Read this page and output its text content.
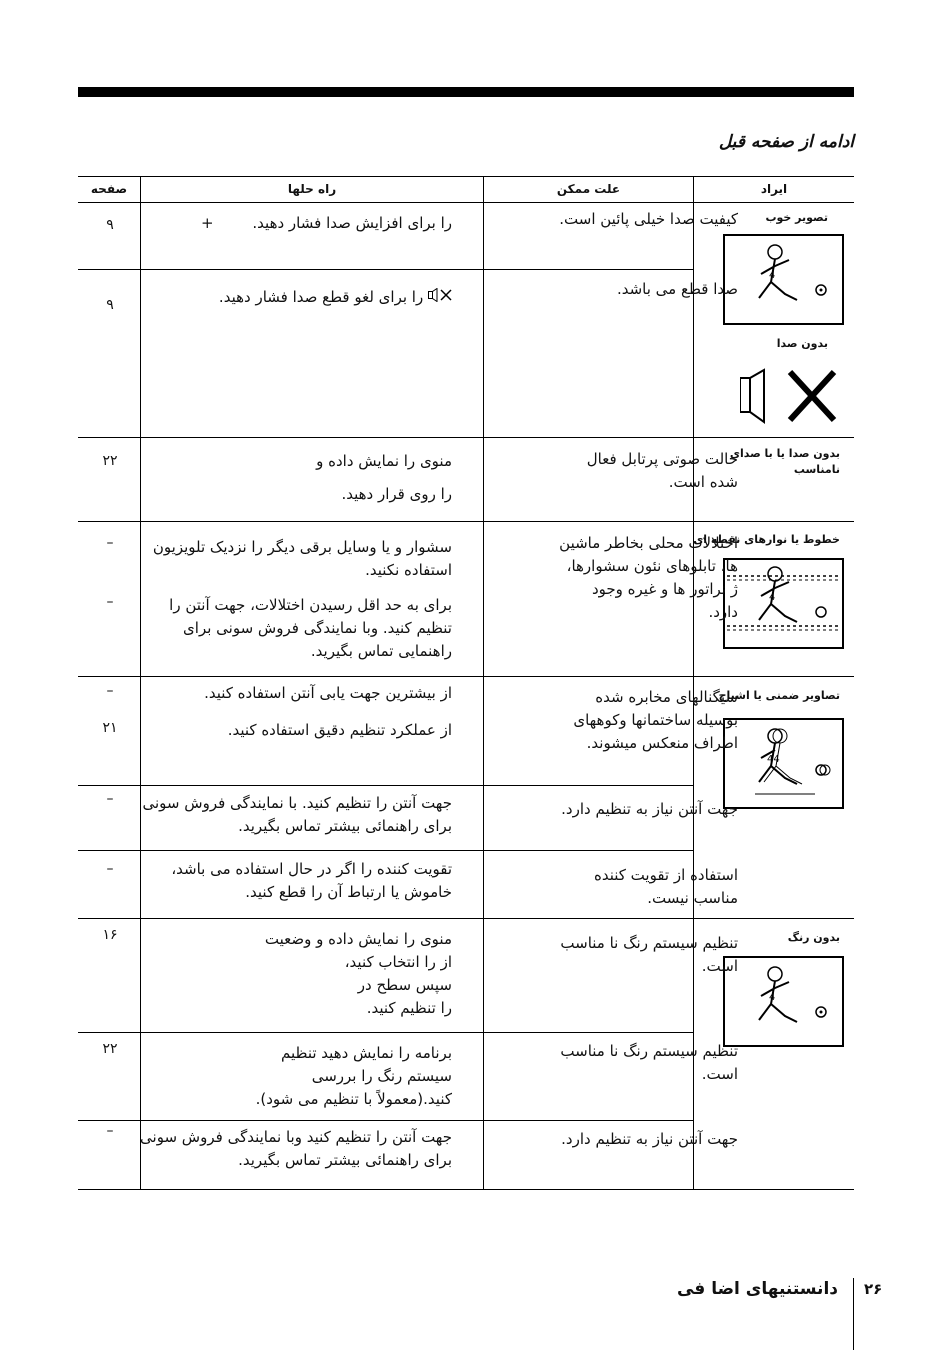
ادامه از صفحه قبل
ایراد
علت ممکن
راه حلها
صفحه
تصویر خوب
4
بدون صدا
بدون صدا یا با صدای نامناسب
خطوط یا نوارهای نقطه ای
4
تصاویر ضمنی یا اشباح
44
بدون رنگ
4
کیفیت صدا خیلی پائین است.
را برای افزایش صدا فشار دهید. +
۹
صدا قطع می باشد.
را برای لغو قطع صدا فشار دهید.
۹
حالت صوتی پرتابل فعال شده است.

منوی را نمایش داده و

را روی قرار دهید.

۲۲
اختلالات محلی بخاطر ماشین ها، تابلوهای نئون سشوارها، ژ نراتور ها و غیره وجود دارد.

سشوار و یا وسایل برقی دیگر را نزدیک تلویزیون استفاده نکنید.

برای به حد اقل رسیدن اختلالات، جهت آنتن را تنظیم کنید. وبا نمایندگی فروش سونی برای راهنمایی تماس بگیرید.

–
–
سیگنالهای مخابره شده بوسیله ساختمانها وکوههای اطراف منعکس میشوند.

از بیشترین جهت یابی آنتن استفاده کنید.

از عملکرد تنظیم دقیق استفاده کنید.

–
۲۱
جهت آنتن نیاز به تنظیم دارد.
جهت آنتن را تنظیم کنید. با نمایندگی فروش سونی برای راهنمائی بیشتر تماس بگیرید.
–
استفاده از تقویت کننده مناسب نیست.
تقویت کننده را اگر در حال استفاده می باشد، خاموش یا ارتباط آن را قطع کنید.
–
تنظیم سیستم رنگ نا مناسب است.

منوی را نمایش داده و وضعیت

از را انتخاب کنید،

سپس سطح در

را تنظیم کنید.

۱۶
تنظیم سیستم رنگ نا مناسب است.

برنامه را نمایش دهید تنظیم

سیستم رنگ را بررسی

کنید.(معمولاً با تنظیم می شود).

۲۲
جهت آنتن نیاز به تنظیم دارد.
جهت آنتن را تنظیم کنید وبا نمایندگی فروش سونی برای راهنمائی بیشتر تماس بگیرید.
–
۲۶
دانستنیهای اضا فی
